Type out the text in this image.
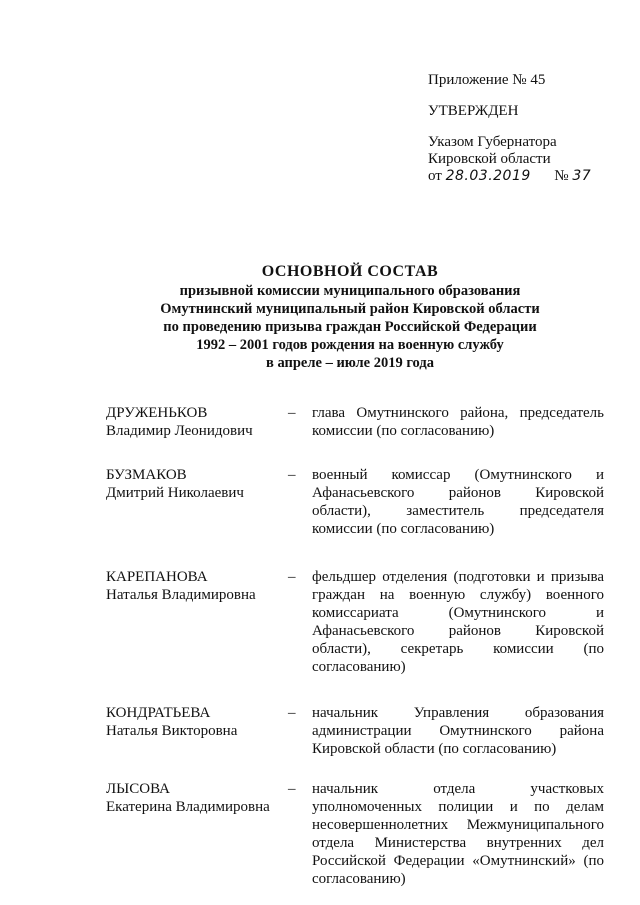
Приложение № 45
УТВЕРЖДЕН
Указом Губернатора
Кировской области
от 28.03.2019 № 37
ОСНОВНОЙ СОСТАВ
призывной комиссии муниципального образования
Омутнинский муниципальный район Кировской области
по проведению призыва граждан Российской Федерации
1992 – 2001 годов рождения на военную службу
в апреле – июле 2019 года
ДРУЖЕНЬКОВ
Владимир Леонидович
–	глава Омутнинского района, председатель комиссии (по согласованию)
БУЗМАКОВ
Дмитрий Николаевич
–	военный комиссар (Омутнинского и Афанасьевского районов Кировской области), заместитель председателя комиссии (по согласованию)
КАРЕПАНОВА
Наталья Владимировна
–	фельдшер отделения (подготовки и призыва граждан на военную службу) военного комиссариата (Омутнинского и Афанасьевского районов Кировской области), секретарь комиссии (по согласованию)
КОНДРАТЬЕВА
Наталья Викторовна
–	начальник Управления образования администрации Омутнинского района Кировской области (по согласованию)
ЛЫСОВА
Екатерина Владимировна
–	начальник отдела участковых уполномоченных полиции и по делам несовершеннолетних Межмуниципального отдела Министерства внутренних дел Российской Федерации «Омутнинский» (по согласованию)
